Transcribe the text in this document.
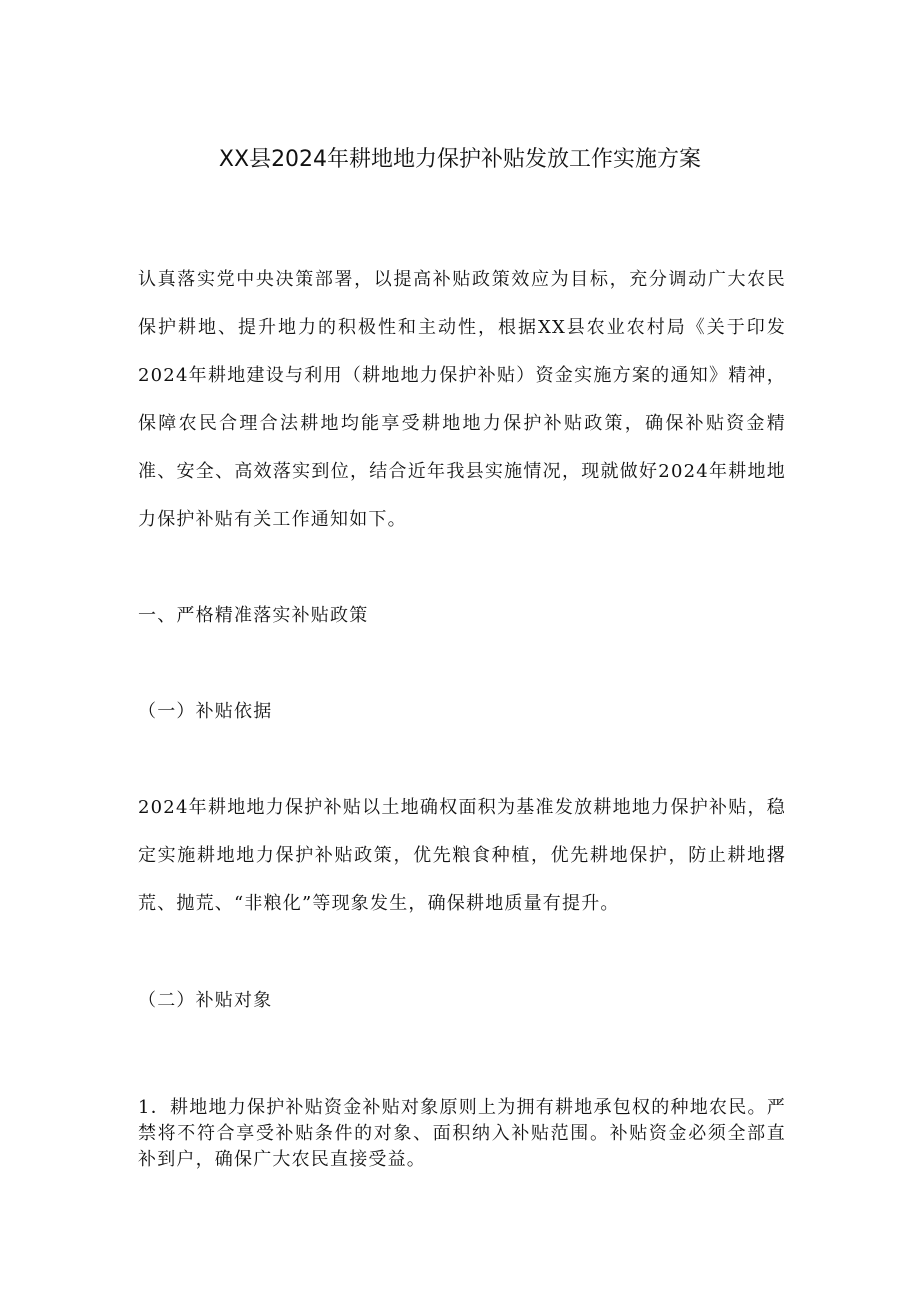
XX县2024年耕地地力保护补贴发放工作实施方案

认真落实党中央决策部署，以提高补贴政策效应为目标，充分调动广大农民保护耕地、提升地力的积极性和主动性，根据XX县农业农村局《关于印发2024年耕地建设与利用（耕地地力保护补贴）资金实施方案的通知》精神，保障农民合理合法耕地均能享受耕地地力保护补贴政策，确保补贴资金精准、安全、高效落实到位，结合近年我县实施情况，现就做好2024年耕地地力保护补贴有关工作通知如下。

一、严格精准落实补贴政策

（一）补贴依据

2024年耕地地力保护补贴以土地确权面积为基准发放耕地地力保护补贴，稳定实施耕地地力保护补贴政策，优先粮食种植，优先耕地保护，防止耕地撂荒、抛荒、“非粮化”等现象发生，确保耕地质量有提升。

（二）补贴对象

1．耕地地力保护补贴资金补贴对象原则上为拥有耕地承包权的种地农民。严禁将不符合享受补贴条件的对象、面积纳入补贴范围。补贴资金必须全部直补到户，确保广大农民直接受益。
